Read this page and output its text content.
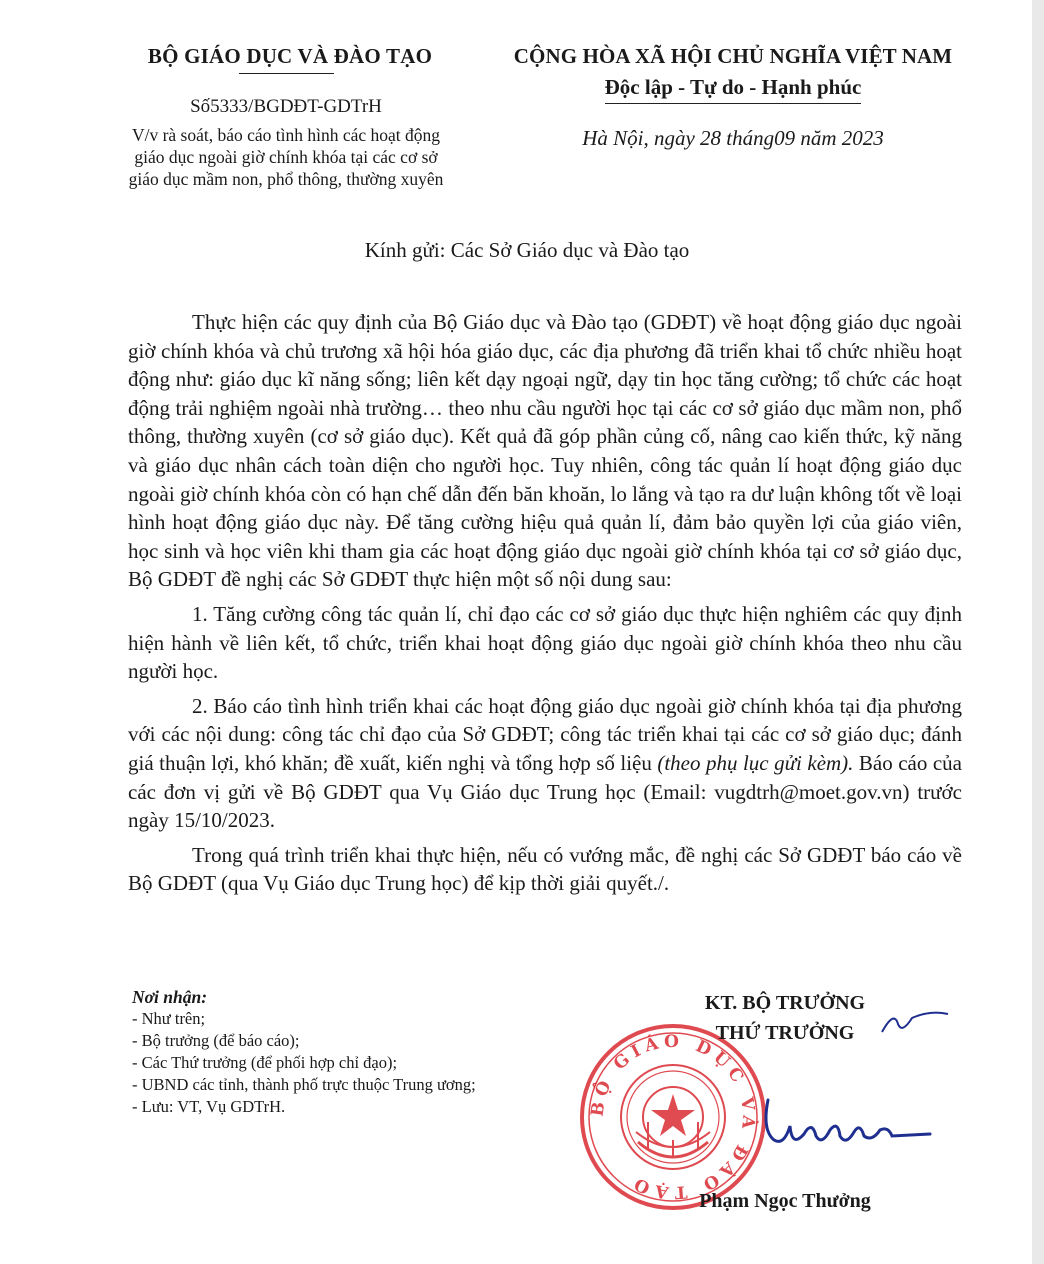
BỘ GIÁO DỤC VÀ ĐÀO TẠO
Số5333/BGDĐT-GDTrH
V/v rà soát, báo cáo tình hình các hoạt động
giáo dục ngoài giờ chính khóa tại các cơ sở
giáo dục mầm non, phổ thông, thường xuyên
CỘNG HÒA XÃ HỘI CHỦ NGHĨA VIỆT NAM
Độc lập - Tự do - Hạnh phúc
Hà Nội, ngày 28 tháng09 năm 2023
Kính gửi: Các Sở Giáo dục và Đào tạo

Thực hiện các quy định của Bộ Giáo dục và Đào tạo (GDĐT) về hoạt động giáo dục ngoài giờ chính khóa và chủ trương xã hội hóa giáo dục, các địa phương đã triển khai tổ chức nhiều hoạt động như: giáo dục kĩ năng sống; liên kết dạy ngoại ngữ, dạy tin học tăng cường; tổ chức các hoạt động trải nghiệm ngoài nhà trường… theo nhu cầu người học tại các cơ sở giáo dục mầm non, phổ thông, thường xuyên (cơ sở giáo dục). Kết quả đã góp phần củng cố, nâng cao kiến thức, kỹ năng và giáo dục nhân cách toàn diện cho người học. Tuy nhiên, công tác quản lí hoạt động giáo dục ngoài giờ chính khóa còn có hạn chế dẫn đến băn khoăn, lo lắng và tạo ra dư luận không tốt về loại hình hoạt động giáo dục này. Để tăng cường hiệu quả quản lí, đảm bảo quyền lợi của giáo viên, học sinh và học viên khi tham gia các hoạt động giáo dục ngoài giờ chính khóa tại cơ sở giáo dục, Bộ GDĐT đề nghị các Sở GDĐT thực hiện một số nội dung sau:

1. Tăng cường công tác quản lí, chỉ đạo các cơ sở giáo dục thực hiện nghiêm các quy định hiện hành về liên kết, tổ chức, triển khai hoạt động giáo dục ngoài giờ chính khóa theo nhu cầu người học.

2. Báo cáo tình hình triển khai các hoạt động giáo dục ngoài giờ chính khóa tại địa phương với các nội dung: công tác chỉ đạo của Sở GDĐT; công tác triển khai tại các cơ sở giáo dục; đánh giá thuận lợi, khó khăn; đề xuất, kiến nghị và tổng hợp số liệu (theo phụ lục gửi kèm). Báo cáo của các đơn vị gửi về Bộ GDĐT qua Vụ Giáo dục Trung học (Email: vugdtrh@moet.gov.vn) trước ngày 15/10/2023.

Trong quá trình triển khai thực hiện, nếu có vướng mắc, đề nghị các Sở GDĐT báo cáo về Bộ GDĐT (qua Vụ Giáo dục Trung học) để kịp thời giải quyết./.

Nơi nhận:
- Như trên;
- Bộ trưởng (để báo cáo);
- Các Thứ trưởng (để phối hợp chỉ đạo);
- UBND các tỉnh, thành phố trực thuộc Trung ương;
- Lưu: VT, Vụ GDTrH.	BỘ GIÁO DỤC VÀ ĐÀO TẠO
KT. BỘ TRƯỞNG
THỨ TRƯỞNG
Phạm Ngọc Thưởng
